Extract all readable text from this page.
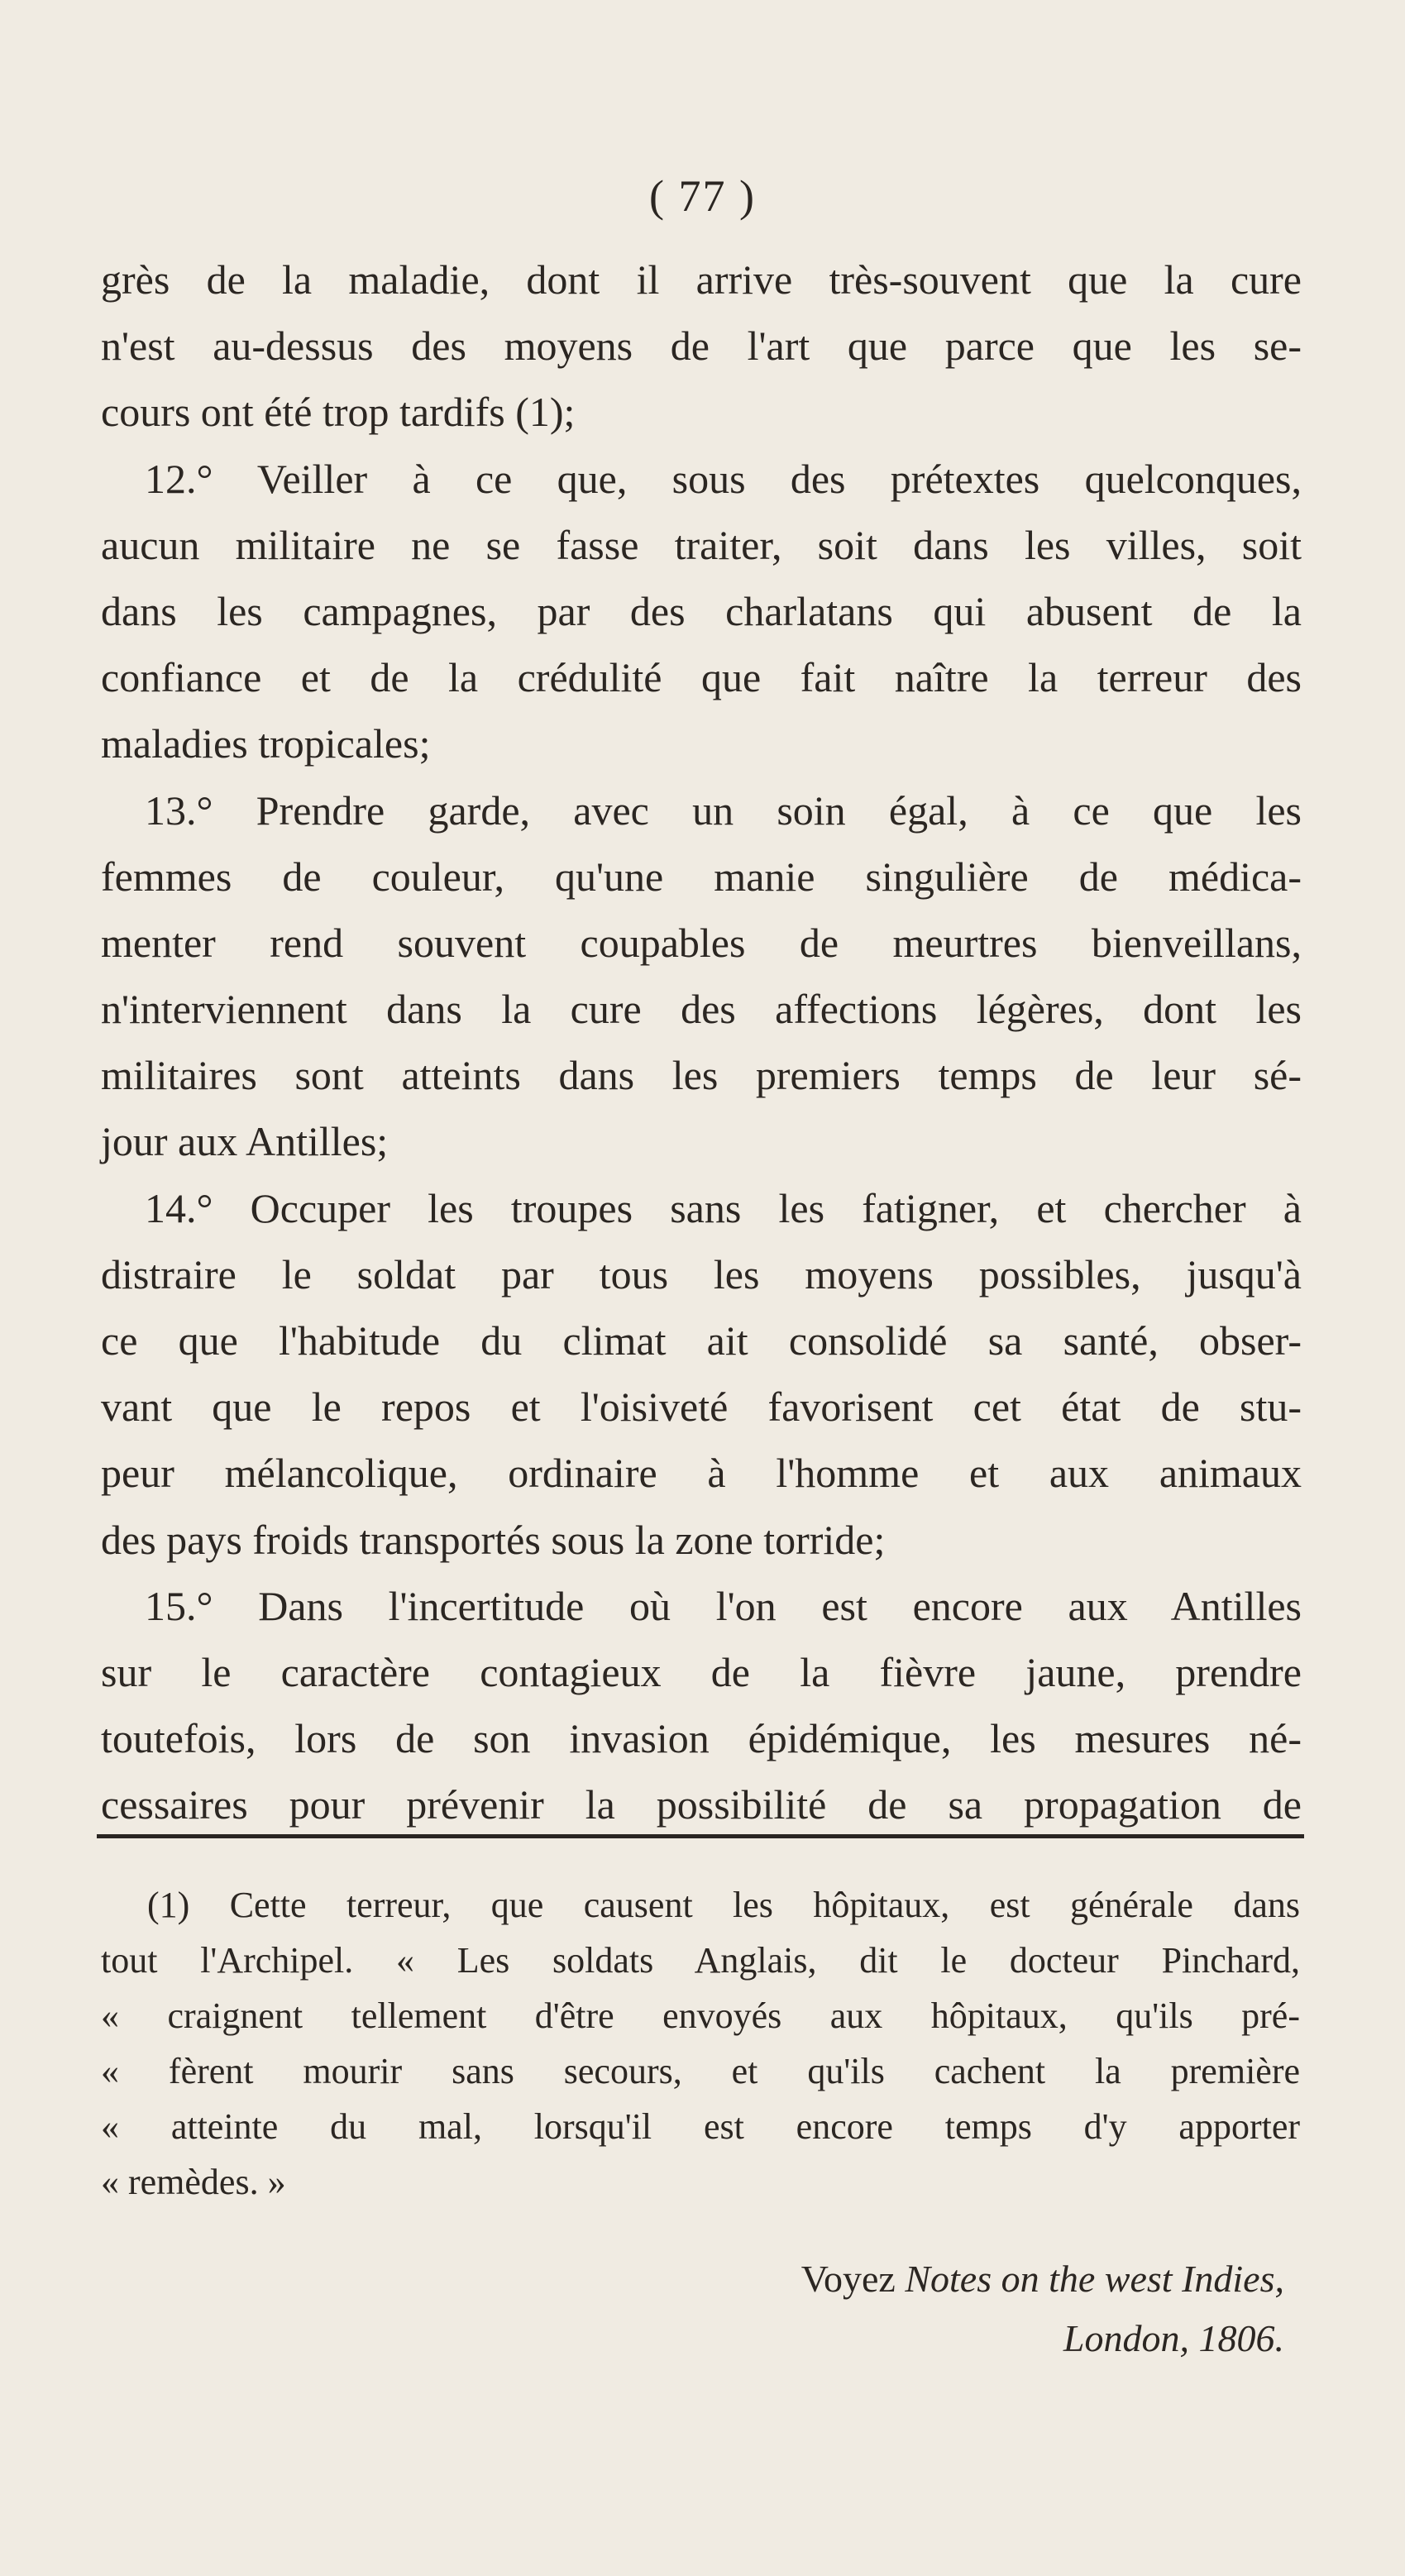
( 77 )
grès de la maladie, dont il arrive très-souvent que la cure
n'est au-dessus des moyens de l'art que parce que les se-
cours ont été trop tardifs (1);
12.° Veiller à ce que, sous des prétextes quelconques,
aucun militaire ne se fasse traiter, soit dans les villes, soit
dans les campagnes, par des charlatans qui abusent de la
confiance et de la crédulité que fait naître la terreur des
maladies tropicales;
13.° Prendre garde, avec un soin égal, à ce que les
femmes de couleur, qu'une manie singulière de médica-
menter rend souvent coupables de meurtres bienveillans,
n'interviennent dans la cure des affections légères, dont les
militaires sont atteints dans les premiers temps de leur sé-
jour aux Antilles;
14.° Occuper les troupes sans les fatigner, et chercher à
distraire le soldat par tous les moyens possibles, jusqu'à
ce que l'habitude du climat ait consolidé sa santé, obser-
vant que le repos et l'oisiveté favorisent cet état de stu-
peur mélancolique, ordinaire à l'homme et aux animaux
des pays froids transportés sous la zone torride;
15.° Dans l'incertitude où l'on est encore aux Antilles
sur le caractère contagieux de la fièvre jaune, prendre
toutefois, lors de son invasion épidémique, les mesures né-
cessaires pour prévenir la possibilité de sa propagation de
(1) Cette terreur, que causent les hôpitaux, est générale dans
tout l'Archipel. « Les soldats Anglais, dit le docteur Pinchard,
« craignent tellement d'être envoyés aux hôpitaux, qu'ils pré-
« fèrent mourir sans secours, et qu'ils cachent la première
« atteinte du mal, lorsqu'il est encore temps d'y apporter
« remèdes. »
Voyez Notes on the west Indies,
London, 1806.
